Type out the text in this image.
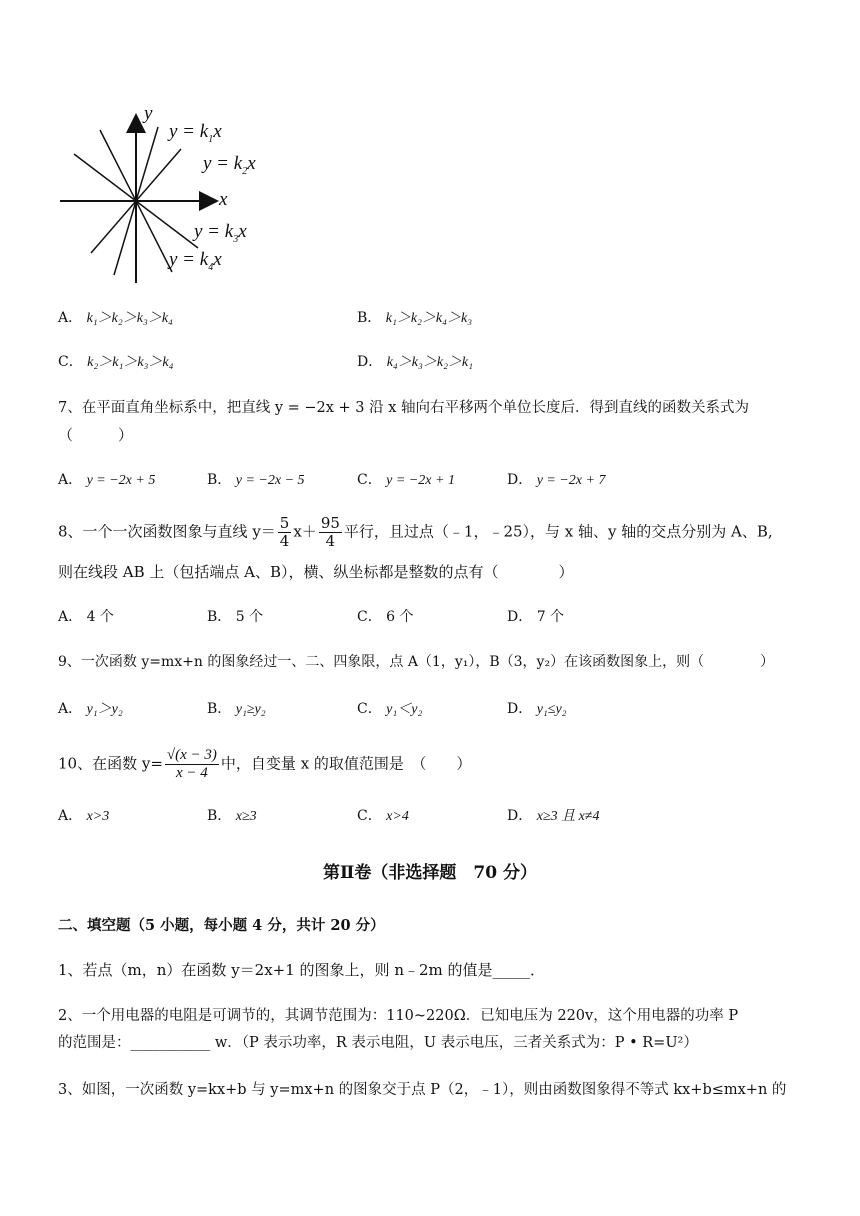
y
x
$y = k_1x$
$y = k_2x$
$y = k_3x$
$y = k_4x$
A． k₁＞k₂＞k₃＞k₄	B． k₁＞k₂＞k₄＞k₃
C． k₂＞k₁＞k₃＞k₄	D． k₄＞k₃＞k₂＞k₁
7、在平面直角坐标系中，把直线 y = −2x + 3 沿 x 轴向右平移两个单位长度后．得到直线的函数关系式为
（　　　）
A． y = −2x + 5	B． y = −2x − 5	C． y = −2x + 1	D． y = −2x + 7
8、一个一次函数图象与直线 $y= \frac{5}{4} x+ \frac{95}{4}$ 平行，且过点（﹣1，﹣25），与 x 轴、y 轴的交点分别为 A、B,
则在线段 AB 上（包括端点 A、B），横、纵坐标都是整数的点有（　　　　）
A． 4 个	B． 5 个	C． 6 个	D． 7 个
9、一次函数 y=mx+n 的图象经过一、二、四象限，点 A（1，y₁），B（3，y₂）在该函数图象上，则（　　　　）
A． y₁＞y₂	B． y₁≥y₂	C． y₁＜y₂	D． y₁≤y₂
10、在函数 $y= \frac{√(x - 3)}{x - 4}$ 中，自变量 x 的取值范围是　（　　）
A． x>3	B． x≥3	C． x>4	D． x≥3 且 x≠4
第Ⅱ卷（非选择题　70 分）
二、填空题（5 小题，每小题 4 分，共计 20 分）
1、若点（m，n）在函数 y＝2x+1 的图象上，则 n﹣2m 的值是_____．
2、一个用电器的电阻是可调节的，其调节范围为：110~220Ω．已知电压为 220v，这个用电器的功率 P
的范围是：___________ w．（P 表示功率，R 表示电阻，U 表示电压，三者关系式为：P • R=U²）
3、如图，一次函数 y=kx+b 与 y=mx+n 的图象交于点 P（2，﹣1），则由函数图象得不等式 kx+b≤mx+n 的
